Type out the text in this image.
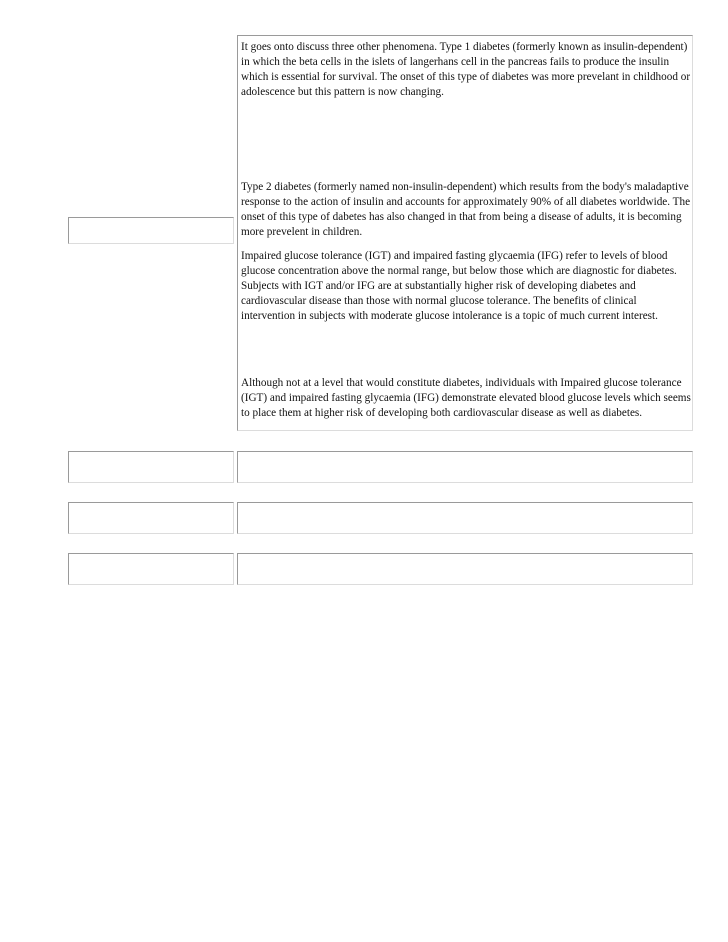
It goes onto discuss three other phenomena. Type 1 diabetes (formerly known as insulin-dependent) in which the beta cells in the islets of langerhans cell in the pancreas fails to produce the insulin which is essential for survival. The onset of this type of diabetes was more prevelant in childhood or adolescence but this pattern is now changing.

Type 2 diabetes (formerly named non-insulin-dependent) which results from the body's maladaptive response to the action of insulin and accounts for approximately 90% of all diabetes worldwide. The onset of this type of dabetes has also changed in that from being a disease of adults, it is becoming more prevelent in children.

Impaired glucose tolerance (IGT) and impaired fasting glycaemia (IFG) refer to levels of blood glucose concentration above the normal range, but below those which are diagnostic for diabetes. Subjects with IGT and/or IFG are at substantially higher risk of developing diabetes and cardiovascular disease than those with normal glucose tolerance. The benefits of clinical intervention in subjects with moderate glucose intolerance is a topic of much current interest.

Although not at a level that would constitute diabetes, individuals with Impaired glucose tolerance (IGT) and impaired fasting glycaemia (IFG) demonstrate elevated blood glucose levels which seems to place them at higher risk of developing both cardiovascular disease as well as diabetes.
